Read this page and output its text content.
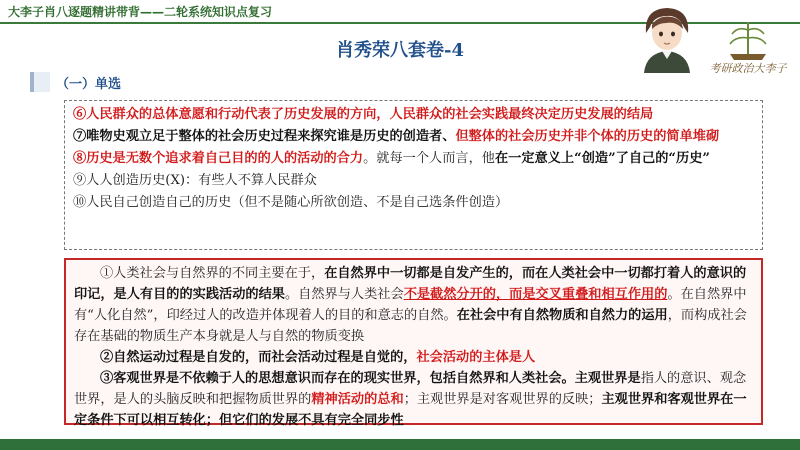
大李子肖八逐题精讲带背——二轮系统知识点复习
肖秀荣八套卷-4
考研政治大李子
（一）单选
⑥人民群众的总体意愿和行动代表了历史发展的方向，人民群众的社会实践最终决定历史发展的结局
⑦唯物史观立足于整体的社会历史过程来探究谁是历史的创造者、但整体的社会历史并非个体的历史的简单堆砌
⑧历史是无数个追求着自己目的的人的活动的合力。就每一个人而言，他在一定意义上“创造”了自己的“历史”
⑨人人创造历史(X)：有些人不算人民群众
⑩人民自己创造自己的历史（但不是随心所欲创造、不是自己选条件创造）
①人类社会与自然界的不同主要在于，在自然界中一切都是自发产生的，而在人类社会中一切都打着人的意识的印记，是人有目的的实践活动的结果。自然界与人类社会不是截然分开的，而是交叉重叠和相互作用的。在自然界中有“人化自然”，印经过人的改造并体现着人的目的和意志的自然。在社会中有自然物质和自然力的运用，而构成社会存在基础的物质生产本身就是人与自然的物质变换
②自然运动过程是自发的，而社会活动过程是自觉的，社会活动的主体是人
③客观世界是不依赖于人的思想意识而存在的现实世界，包括自然界和人类社会。主观世界是指人的意识、观念世界，是人的头脑反映和把握物质世界的精神活动的总和；主观世界是对客观世界的反映；主观世界和客观世界在一定条件下可以相互转化；但它们的发展不具有完全同步性
